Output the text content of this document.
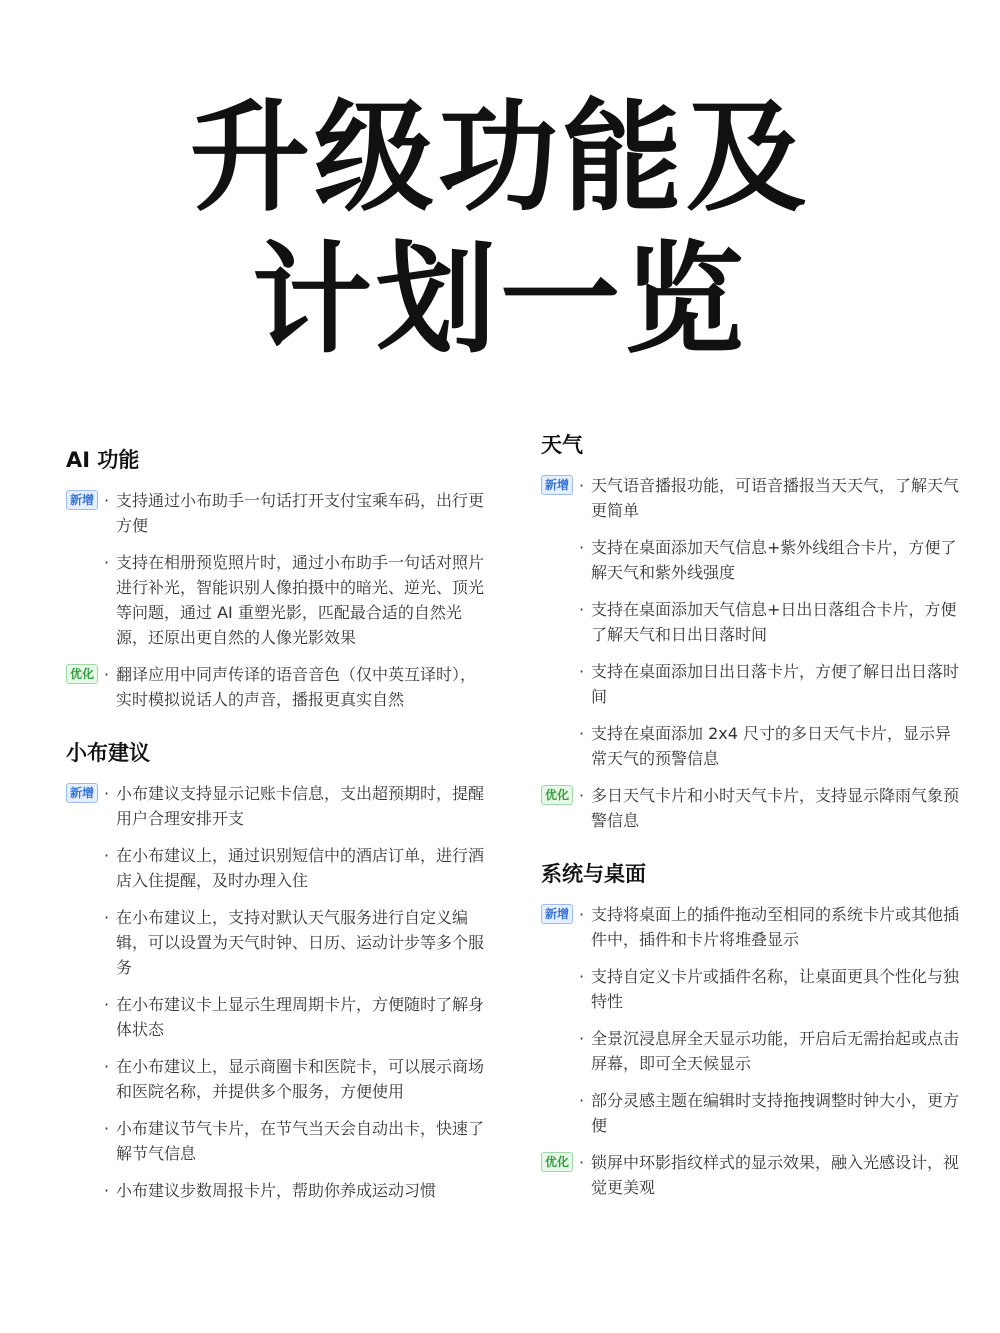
升级功能及
计划一览
AI 功能
新增 · 支持通过小布助手一句话打开支付宝乘车码，出行更方便
· 支持在相册预览照片时，通过小布助手一句话对照片进行补光，智能识别人像拍摄中的暗光、逆光、顶光等问题，通过 AI 重塑光影，匹配最合适的自然光源，还原出更自然的人像光影效果
优化 · 翻译应用中同声传译的语音音色（仅中英互译时），实时模拟说话人的声音，播报更真实自然
小布建议
新增 · 小布建议支持显示记账卡信息，支出超预期时，提醒用户合理安排开支
· 在小布建议上，通过识别短信中的酒店订单，进行酒店入住提醒，及时办理入住
· 在小布建议上，支持对默认天气服务进行自定义编辑，可以设置为天气时钟、日历、运动计步等多个服务
· 在小布建议卡上显示生理周期卡片，方便随时了解身体状态
· 在小布建议上，显示商圈卡和医院卡，可以展示商场和医院名称，并提供多个服务，方便使用
· 小布建议节气卡片，在节气当天会自动出卡，快速了解节气信息
· 小布建议步数周报卡片，帮助你养成运动习惯
天气
新增 · 天气语音播报功能，可语音播报当天天气，了解天气更简单
· 支持在桌面添加天气信息+紫外线组合卡片，方便了解天气和紫外线强度
· 支持在桌面添加天气信息+日出日落组合卡片，方便了解天气和日出日落时间
· 支持在桌面添加日出日落卡片，方便了解日出日落时间
· 支持在桌面添加 2x4 尺寸的多日天气卡片，显示异常天气的预警信息
优化 · 多日天气卡片和小时天气卡片，支持显示降雨气象预警信息
系统与桌面
新增 · 支持将桌面上的插件拖动至相同的系统卡片或其他插件中，插件和卡片将堆叠显示
· 支持自定义卡片或插件名称，让桌面更具个性化与独特性
· 全景沉浸息屏全天显示功能，开启后无需抬起或点击屏幕，即可全天候显示
· 部分灵感主题在编辑时支持拖拽调整时钟大小，更方便
优化 · 锁屏中环影指纹样式的显示效果，融入光感设计，视觉更美观
